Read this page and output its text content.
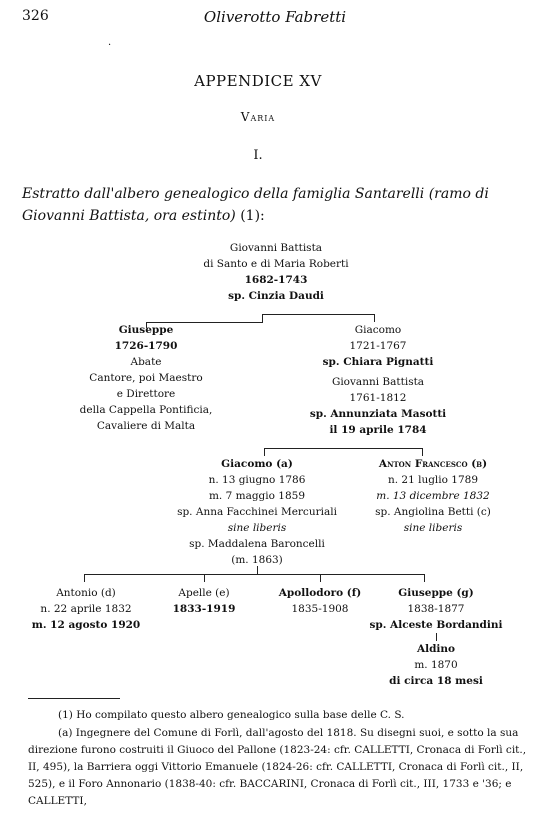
326	Oliverotto Fabretti
·
APPENDICE XV
Varia
I.
Estratto dall'albero genealogico della famiglia Santarelli (ramo di Giovanni Battista, ora estinto) (1):
Giovanni Battista
di Santo e di Maria Roberti
1682-1743
sp. Cinzia Daudi
Giuseppe
1726-1790
Abate
Cantore, poi Maestro
e Direttore
della Cappella Pontificia,
Cavaliere di Malta
Giacomo
1721-1767
sp. Chiara Pignatti
Giovanni Battista
1761-1812
sp. Annunziata Masotti
il 19 aprile 1784
Giacomo (a)
n. 13 giugno 1786
m. 7 maggio 1859
sp. Anna Facchinei Mercuriali
sine liberis
sp. Maddalena Baroncelli
(m. 1863)
Anton Francesco (b)
n. 21 luglio 1789
m. 13 dicembre 1832
sp. Angiolina Betti (c)
sine liberis
Antonio (d)
n. 22 aprile 1832
m. 12 agosto 1920
Apelle (e)
1833-1919
Apollodoro (f)
1835-1908
Giuseppe (g)
1838-1877
sp. Alceste Bordandini
Aldino
m. 1870
di circa 18 mesi
(1) Ho compilato questo albero genealogico sulla base delle C. S.
(a) Ingegnere del Comune di Forlì, dall'agosto del 1818. Su disegni suoi, e sotto la sua direzione furono costruiti il Giuoco del Pallone (1823-24: cfr. CALLETTI, Cronaca di Forlì cit., II, 495), la Barriera oggi Vittorio Emanuele (1824-26: cfr. CALLETTI, Cronaca di Forlì cit., II, 525), e il Foro Annonario (1838-40: cfr. BACCARINI, Cronaca di Forlì cit., III, 1733 e '36; e CALLETTI,
